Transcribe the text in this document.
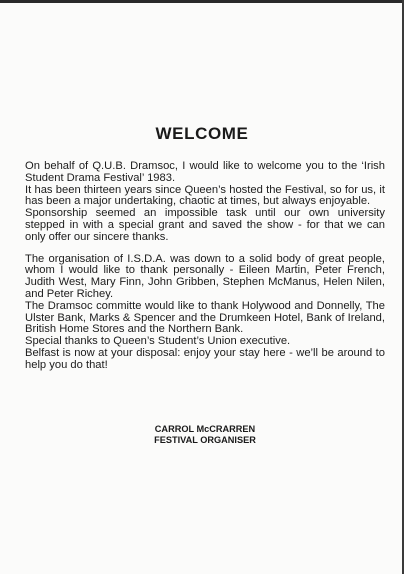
WELCOME

On behalf of Q.U.B. Dramsoc, I would like to welcome you to the ‘Irish Student Drama Festival’ 1983.

It has been thirteen years since Queen’s hosted the Festival, so for us, it has been a major undertaking, chaotic at times, but always enjoyable.

Sponsorship seemed an impossible task until our own university stepped in with a special grant and saved the show - for that we can only offer our sincere thanks.

The organisation of I.S.D.A. was down to a solid body of great people, whom I would like to thank personally - Eileen Martin, Peter French, Judith West, Mary Finn, John Gribben, Stephen McManus, Helen Nilen, and Peter Richey.

The Dramsoc committe would like to thank Holywood and Donnelly, The Ulster Bank, Marks & Spencer and the Drumkeen Hotel, Bank of Ireland, British Home Stores and the Northern Bank.

Special thanks to Queen’s Student’s Union executive.

Belfast is now at your disposal: enjoy your stay here - we’ll be around to help you do that!

CARROL McCRARREN
FESTIVAL ORGANISER
